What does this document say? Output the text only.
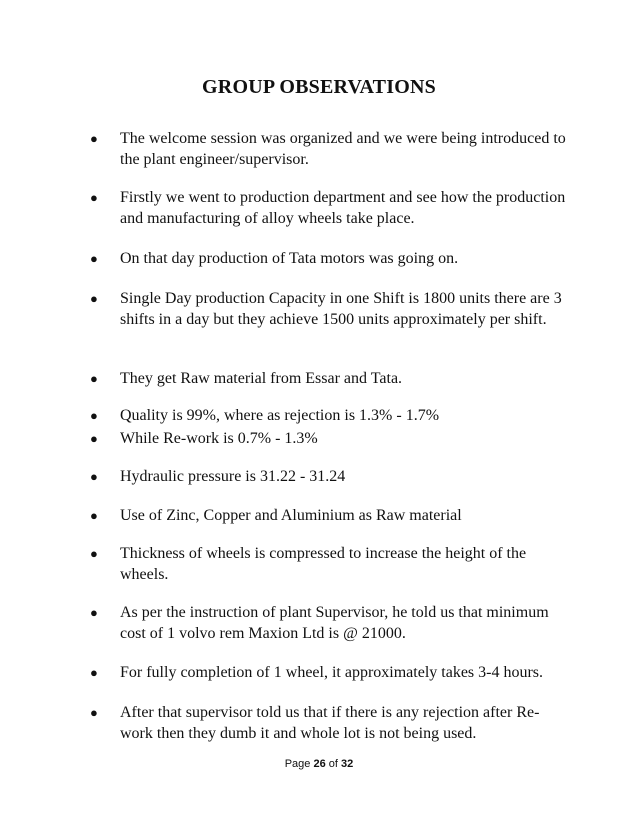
GROUP OBSERVATIONS
● The welcome session was organized and we were being introduced to the plant engineer/supervisor.
● Firstly we went to production department and see how the production and manufacturing of alloy wheels take place.
● On that day production of Tata motors was going on.
● Single Day production Capacity in one Shift is 1800 units there are 3 shifts in a day but they achieve 1500 units approximately per shift.
● They get Raw material from Essar and Tata.
● Quality is 99%, where as rejection is 1.3% - 1.7%
● While Re-work is 0.7% - 1.3%
● Hydraulic pressure is 31.22 - 31.24
● Use of Zinc, Copper and Aluminium as Raw material
● Thickness of wheels is compressed to increase the height of the wheels.
● As per the instruction of plant Supervisor, he told us that minimum cost of 1 volvo rem Maxion Ltd is @ 21000.
● For fully completion of 1 wheel, it approximately takes 3-4 hours.
● After that supervisor told us that if there is any rejection after Re-work then they dumb it and whole lot is not being used.
Page 26 of 32
